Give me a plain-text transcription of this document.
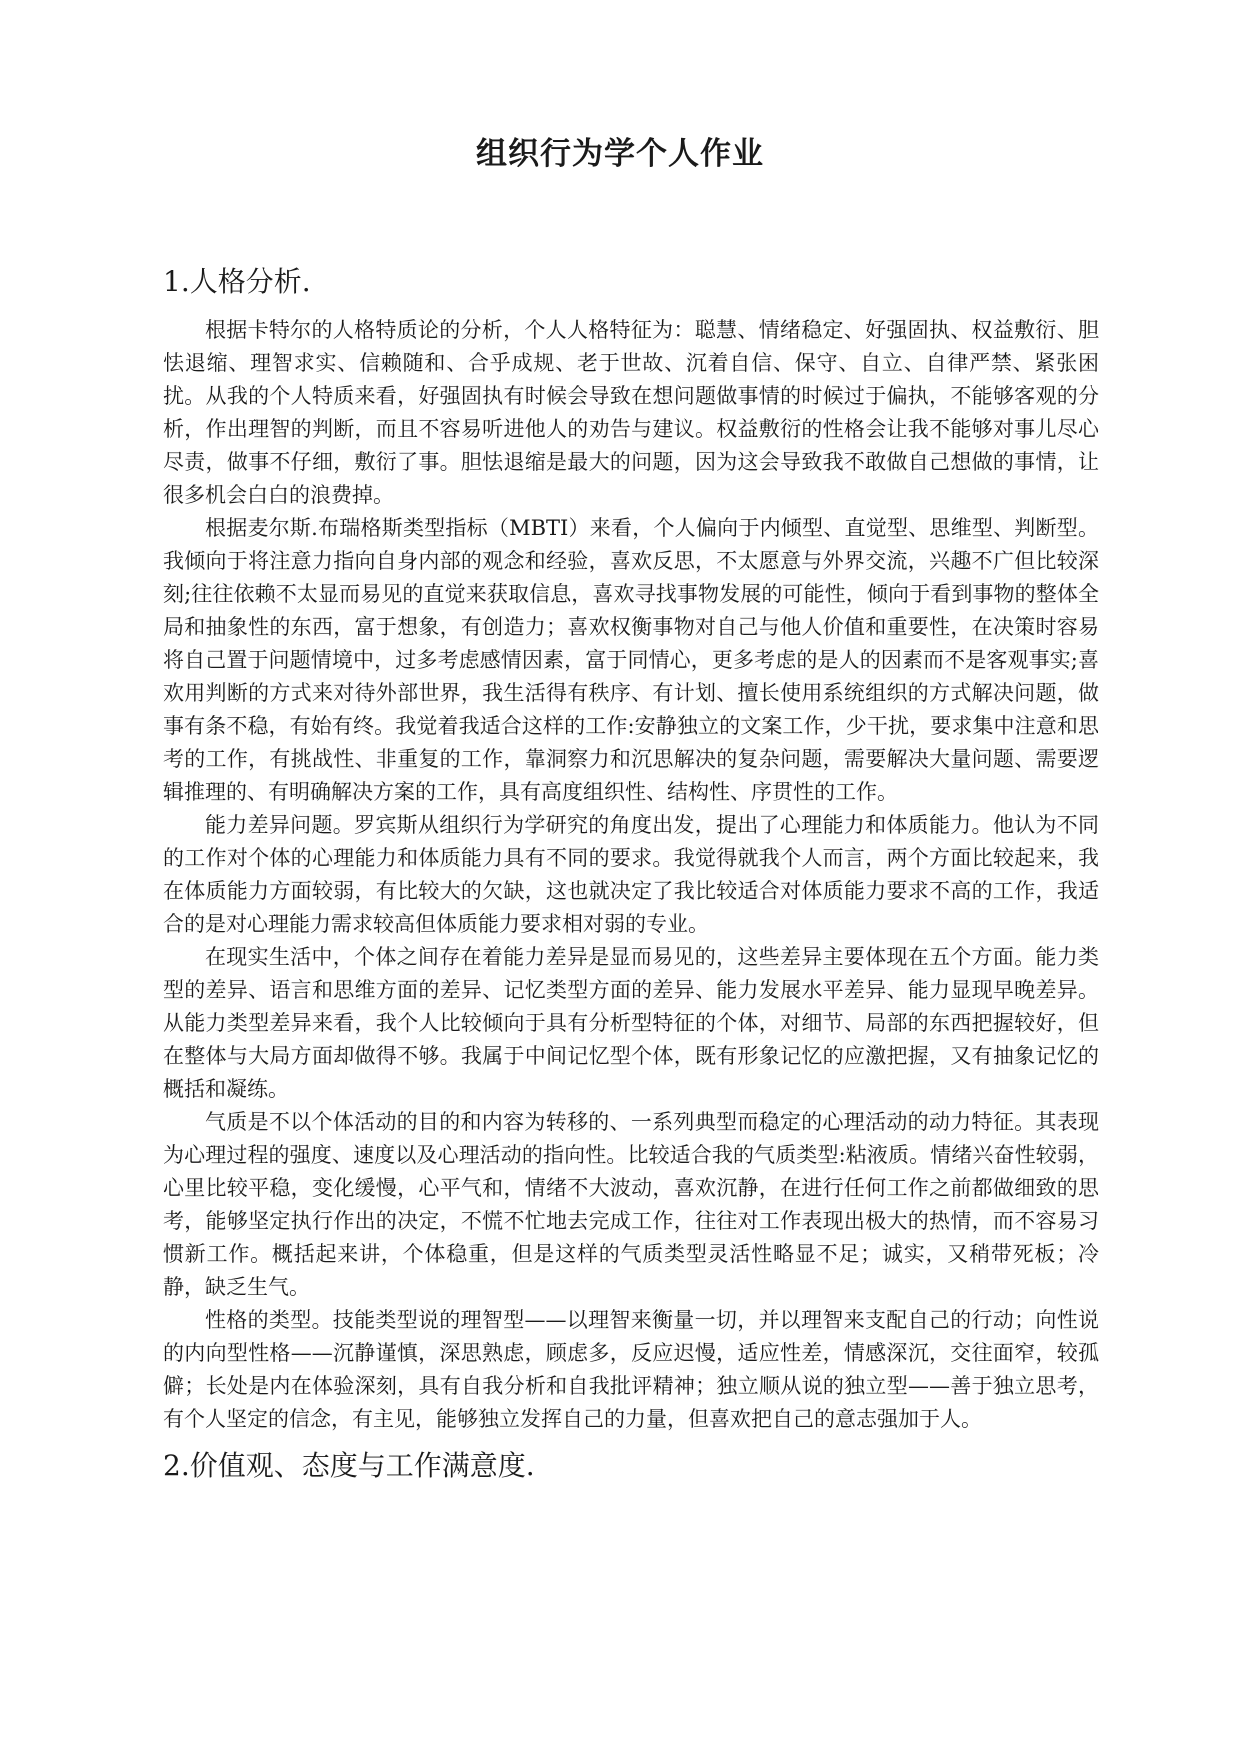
组织行为学个人作业
1.人格分析.

根据卡特尔的人格特质论的分析，个人人格特征为：聪慧、情绪稳定、好强固执、权益敷衍、胆怯退缩、理智求实、信赖随和、合乎成规、老于世故、沉着自信、保守、自立、自律严禁、紧张困扰。从我的个人特质来看，好强固执有时候会导致在想问题做事情的时候过于偏执，不能够客观的分析，作出理智的判断，而且不容易听进他人的劝告与建议。权益敷衍的性格会让我不能够对事儿尽心尽责，做事不仔细，敷衍了事。胆怯退缩是最大的问题，因为这会导致我不敢做自己想做的事情，让很多机会白白的浪费掉。

根据麦尔斯.布瑞格斯类型指标（MBTI）来看，个人偏向于内倾型、直觉型、思维型、判断型。我倾向于将注意力指向自身内部的观念和经验，喜欢反思，不太愿意与外界交流，兴趣不广但比较深刻;往往依赖不太显而易见的直觉来获取信息，喜欢寻找事物发展的可能性，倾向于看到事物的整体全局和抽象性的东西，富于想象，有创造力；喜欢权衡事物对自己与他人价值和重要性，在决策时容易将自己置于问题情境中，过多考虑感情因素，富于同情心，更多考虑的是人的因素而不是客观事实;喜欢用判断的方式来对待外部世界，我生活得有秩序、有计划、擅长使用系统组织的方式解决问题，做事有条不稳，有始有终。我觉着我适合这样的工作:安静独立的文案工作，少干扰，要求集中注意和思考的工作，有挑战性、非重复的工作，靠洞察力和沉思解决的复杂问题，需要解决大量问题、需要逻辑推理的、有明确解决方案的工作，具有高度组织性、结构性、序贯性的工作。

能力差异问题。罗宾斯从组织行为学研究的角度出发，提出了心理能力和体质能力。他认为不同的工作对个体的心理能力和体质能力具有不同的要求。我觉得就我个人而言，两个方面比较起来，我在体质能力方面较弱，有比较大的欠缺，这也就决定了我比较适合对体质能力要求不高的工作，我适合的是对心理能力需求较高但体质能力要求相对弱的专业。

在现实生活中，个体之间存在着能力差异是显而易见的，这些差异主要体现在五个方面。能力类型的差异、语言和思维方面的差异、记忆类型方面的差异、能力发展水平差异、能力显现早晚差异。从能力类型差异来看，我个人比较倾向于具有分析型特征的个体，对细节、局部的东西把握较好，但在整体与大局方面却做得不够。我属于中间记忆型个体，既有形象记忆的应激把握，又有抽象记忆的概括和凝练。

气质是不以个体活动的目的和内容为转移的、一系列典型而稳定的心理活动的动力特征。其表现为心理过程的强度、速度以及心理活动的指向性。比较适合我的气质类型:粘液质。情绪兴奋性较弱，心里比较平稳，变化缓慢，心平气和，情绪不大波动，喜欢沉静，在进行任何工作之前都做细致的思考，能够坚定执行作出的决定，不慌不忙地去完成工作，往往对工作表现出极大的热情，而不容易习惯新工作。概括起来讲，个体稳重，但是这样的气质类型灵活性略显不足；诚实，又稍带死板；冷静，缺乏生气。

性格的类型。技能类型说的理智型——以理智来衡量一切，并以理智来支配自己的行动；向性说的内向型性格——沉静谨慎，深思熟虑，顾虑多，反应迟慢，适应性差，情感深沉，交往面窄，较孤僻；长处是内在体验深刻，具有自我分析和自我批评精神；独立顺从说的独立型——善于独立思考，有个人坚定的信念，有主见，能够独立发挥自己的力量，但喜欢把自己的意志强加于人。

2.价值观、态度与工作满意度.
